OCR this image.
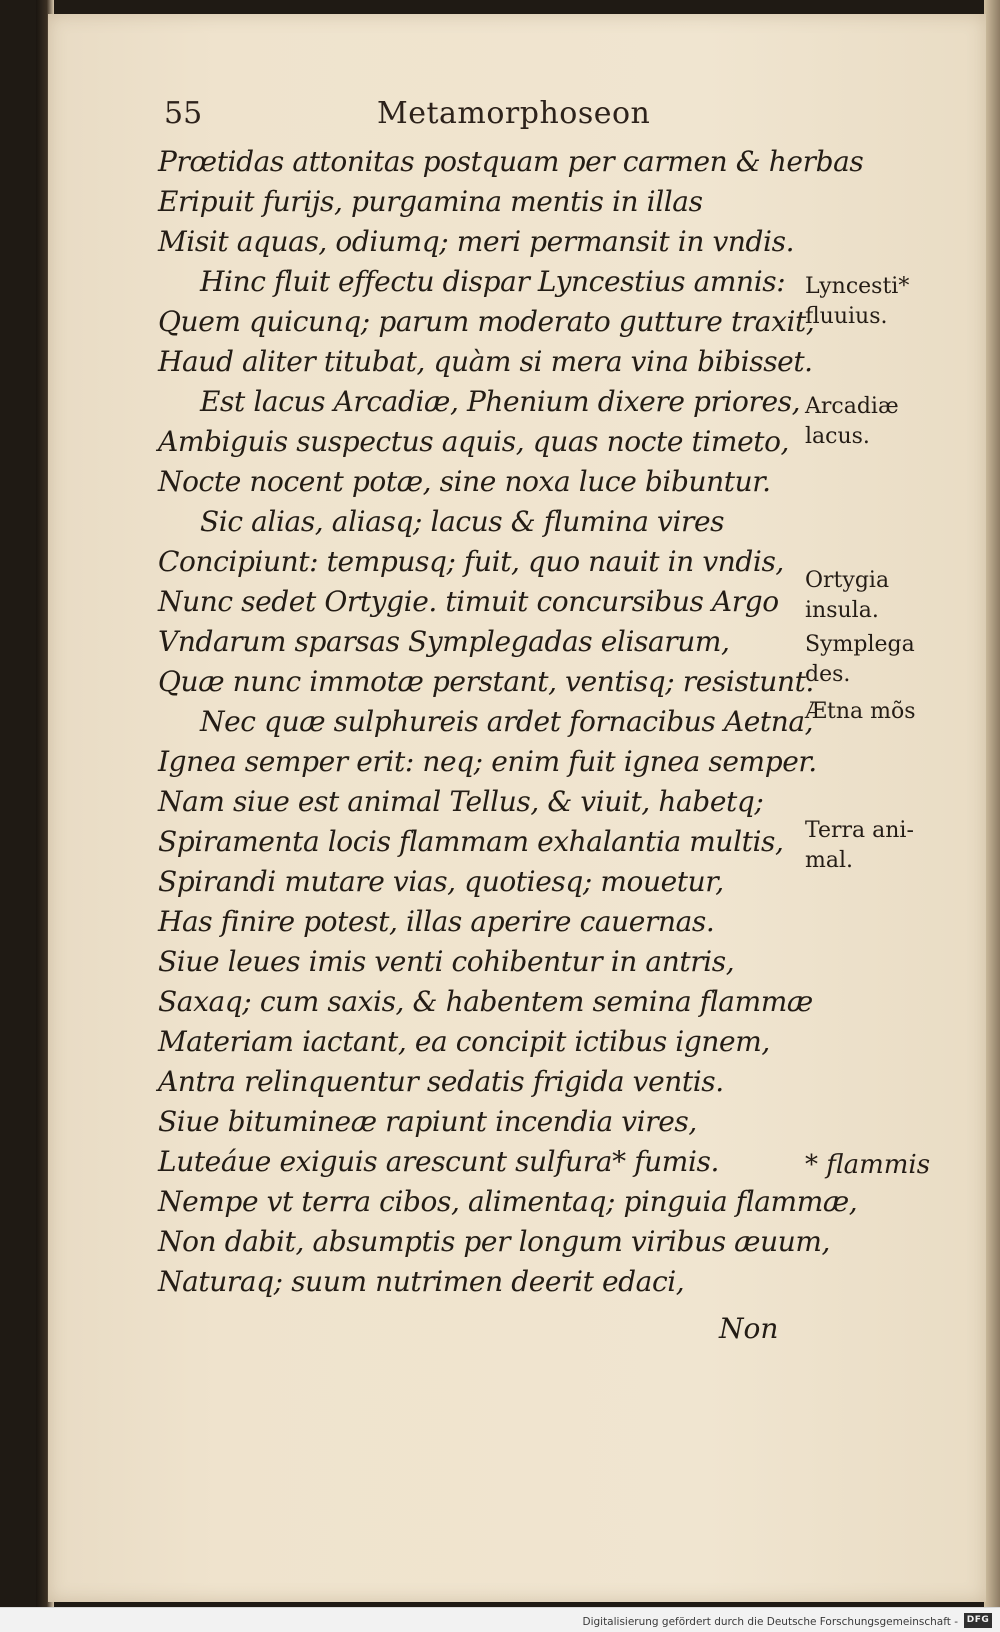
55	Metamorphoseon
Prœtidas attonitas postquam per carmen & herbas
Eripuit furijs, purgamina mentis in illas
Misit aquas, odiumq; meri permansit in vndis.
Hinc fluit effectu dispar Lyncestius amnis:
Quem quicunq; parum moderato gutture traxit,
Haud aliter titubat, quàm si mera vina bibisset.
Est lacus Arcadiæ, Phenium dixere priores,
Ambiguis suspectus aquis, quas nocte timeto,
Nocte nocent potæ, sine noxa luce bibuntur.
Sic alias, aliasq; lacus & flumina vires
Concipiunt: tempusq; fuit, quo nauit in vndis,
Nunc sedet Ortygie. timuit concursibus Argo
Vndarum sparsas Symplegadas elisarum,
Quæ nunc immotæ perstant, ventisq; resistunt.
Nec quæ sulphureis ardet fornacibus Aetna,
Ignea semper erit: neq; enim fuit ignea semper.
Nam siue est animal Tellus, & viuit, habetq;
Spiramenta locis flammam exhalantia multis,
Spirandi mutare vias, quotiesq; mouetur,
Has finire potest, illas aperire cauernas.
Siue leues imis venti cohibentur in antris,
Saxaq; cum saxis, & habentem semina flammæ
Materiam iactant, ea concipit ictibus ignem,
Antra relinquentur sedatis frigida ventis.
Siue bitumineæ rapiunt incendia vires,
Luteáue exiguis arescunt sulfura* fumis.
Nempe vt terra cibos, alimentaq; pinguia flammæ,
Non dabit, absumptis per longum viribus æuum,
Naturaq; suum nutrimen deerit edaci,
Lyncesti*
fluuius.
Arcadiæ
lacus.
Ortygia
insula.
Symplega
des.
Ætna mõs
Terra ani-
mal.
* flammis
Non
Digitalisierung gefördert durch die Deutsche Forschungsgemeinschaft - DFG
